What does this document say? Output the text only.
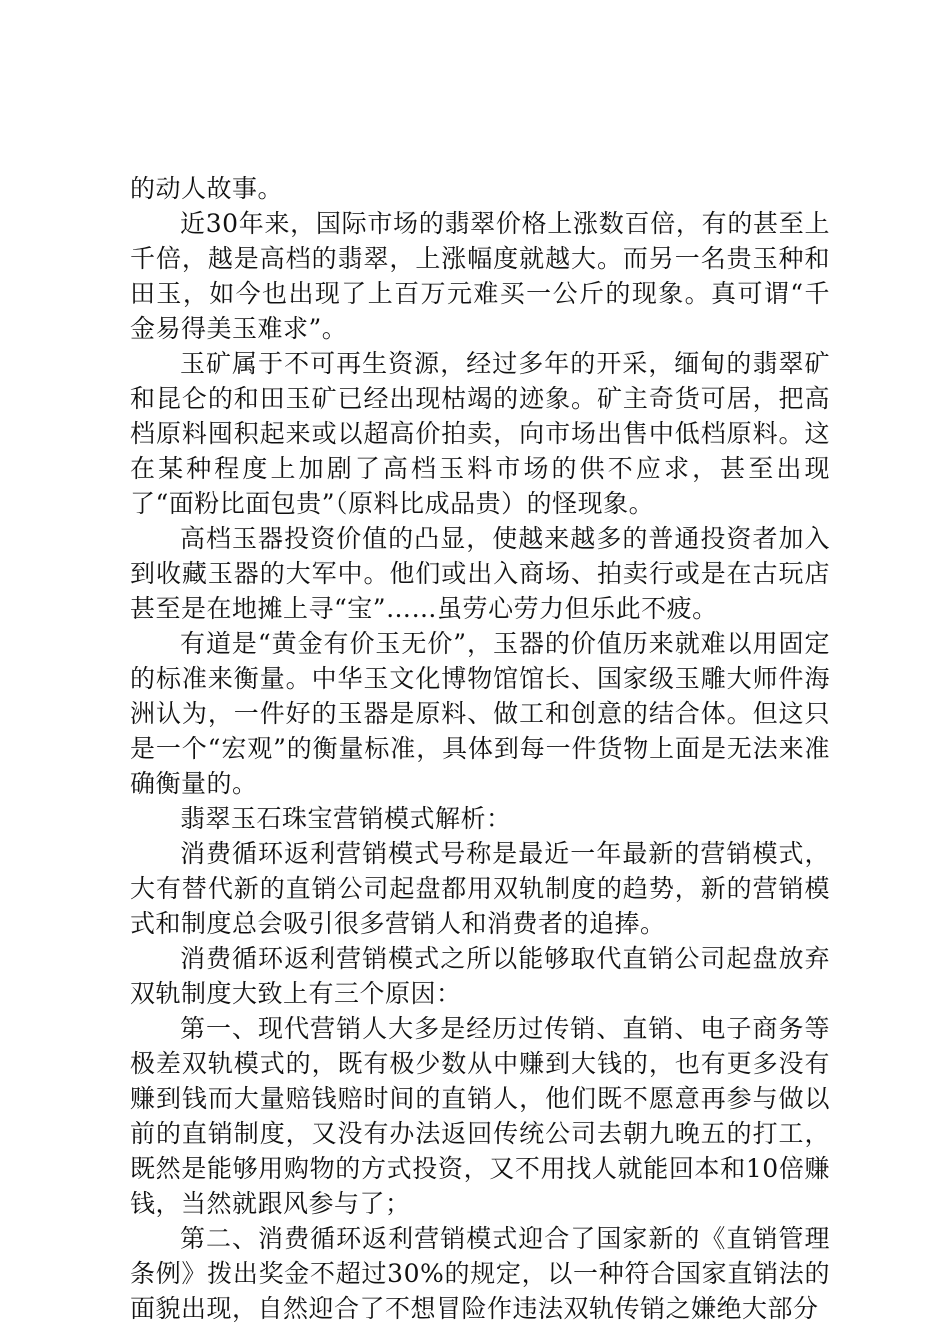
的动人故事。

近30年来，国际市场的翡翠价格上涨数百倍，有的甚至上千倍，越是高档的翡翠，上涨幅度就越大。而另一名贵玉种和田玉，如今也出现了上百万元难买一公斤的现象。真可谓“千金易得美玉难求”。

玉矿属于不可再生资源，经过多年的开采，缅甸的翡翠矿和昆仑的和田玉矿已经出现枯竭的迹象。矿主奇货可居，把高档原料囤积起来或以超高价拍卖，向市场出售中低档原料。这在某种程度上加剧了高档玉料市场的供不应求，甚至出现了“面粉比面包贵”（原料比成品贵）的怪现象。

高档玉器投资价值的凸显，使越来越多的普通投资者加入到收藏玉器的大军中。他们或出入商场、拍卖行或是在古玩店甚至是在地摊上寻“宝”……虽劳心劳力但乐此不疲。

有道是“黄金有价玉无价”，玉器的价值历来就难以用固定的标准来衡量。中华玉文化博物馆馆长、国家级玉雕大师件海洲认为，一件好的玉器是原料、做工和创意的结合体。但这只是一个“宏观”的衡量标准，具体到每一件货物上面是无法来准确衡量的。

翡翠玉石珠宝营销模式解析：

消费循环返利营销模式号称是最近一年最新的营销模式，大有替代新的直销公司起盘都用双轨制度的趋势，新的营销模式和制度总会吸引很多营销人和消费者的追捧。

消费循环返利营销模式之所以能够取代直销公司起盘放弃双轨制度大致上有三个原因：

第一、现代营销人大多是经历过传销、直销、电子商务等极差双轨模式的，既有极少数从中赚到大钱的，也有更多没有赚到钱而大量赔钱赔时间的直销人，他们既不愿意再参与做以前的直销制度，又没有办法返回传统公司去朝九晚五的打工，既然是能够用购物的方式投资，又不用找人就能回本和10倍赚钱，当然就跟风参与了；

第二、消费循环返利营销模式迎合了国家新的《直销管理条例》拨出奖金不超过30%的规定，以一种符合国家直销法的面貌出现，自然迎合了不想冒险作违法双轨传销之嫌绝大部分
